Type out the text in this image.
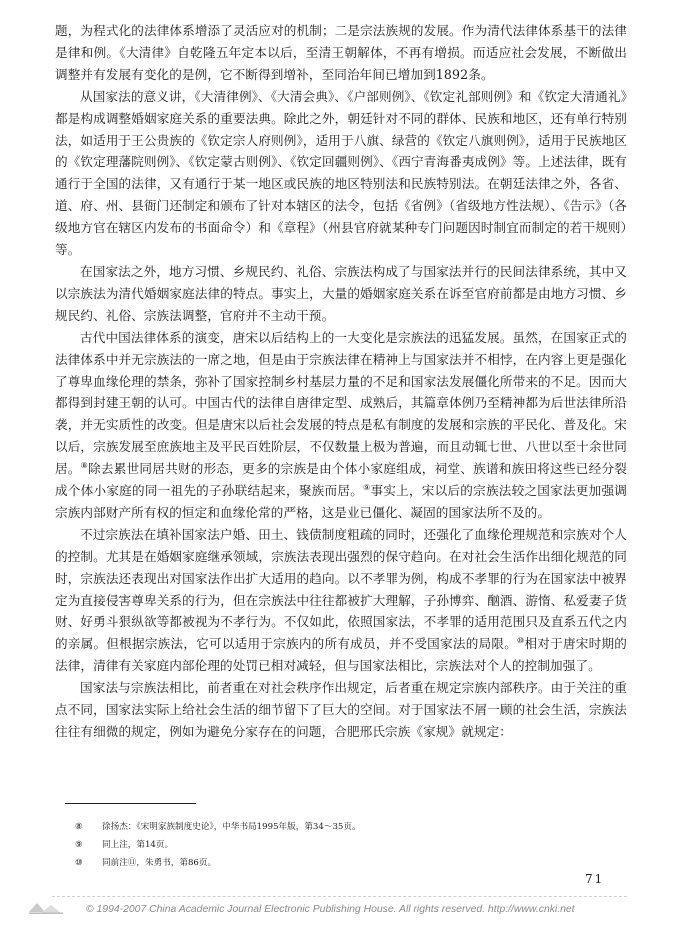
题，为程式化的法律体系增添了灵活应对的机制；二是宗法族规的发展。作为清代法律体系基干的法律是律和例。《大清律》自乾隆五年定本以后，至清王朝解体，不再有增损。而适应社会发展，不断做出调整并有发展有变化的是例，它不断得到增补，至同治年间已增加到1892条。

从国家法的意义讲，《大清律例》、《大清会典》、《户部则例》、《钦定礼部则例》和《钦定大清通礼》都是构成调整婚姻家庭关系的重要法典。除此之外，朝廷针对不同的群体、民族和地区，还有单行特别法，如适用于王公贵族的《钦定宗人府则例》，适用于八旗、绿营的《钦定八旗则例》，适用于民族地区的《钦定理藩院则例》、《钦定蒙古则例》、《钦定回疆则例》、《西宁青海番夷成例》等。上述法律，既有通行于全国的法律，又有通行于某一地区或民族的地区特别法和民族特别法。在朝廷法律之外，各省、道、府、州、县衙门还制定和颁布了针对本辖区的法令，包括《省例》（省级地方性法规）、《告示》（各级地方官在辖区内发布的书面命令）和《章程》（州县官府就某种专门问题因时制宜而制定的若干规则）等。

在国家法之外，地方习惯、乡规民约、礼俗、宗族法构成了与国家法并行的民间法律系统，其中又以宗族法为清代婚姻家庭法律的特点。事实上，大量的婚姻家庭关系在诉至官府前都是由地方习惯、乡规民约、礼俗、宗族法调整，官府并不主动干预。

古代中国法律体系的演变，唐宋以后结构上的一大变化是宗族法的迅猛发展。虽然，在国家正式的法律体系中并无宗族法的一席之地，但是由于宗族法律在精神上与国家法并不相悖，在内容上更是强化了尊卑血缘伦理的禁条，弥补了国家控制乡村基层力量的不足和国家法发展僵化所带来的不足。因而大都得到封建王朝的认可。中国古代的法律自唐律定型、成熟后，其篇章体例乃至精神都为后世法律所沿袭，并无实质性的改变。但是唐宋以后社会发展的特点是私有制度的发展和宗族的平民化、普及化。宋以后，宗族发展至庶族地主及平民百姓阶层，不仅数量上极为普遍，而且动辄七世、八世以至十余世同居。⑧除去累世同居共财的形态，更多的宗族是由个体小家庭组成，祠堂、族谱和族田将这些已经分裂成个体小家庭的同一祖先的子孙联结起来，聚族而居。⑨事实上，宋以后的宗族法较之国家法更加强调宗族内部财产所有权的恒定和血缘伦常的严格，这是业已僵化、凝固的国家法所不及的。

不过宗族法在填补国家法户婚、田土、钱债制度粗疏的同时，还强化了血缘伦理规范和宗族对个人的控制。尤其是在婚姻家庭继承领域，宗族法表现出强烈的保守趋向。在对社会生活作出细化规范的同时，宗族法还表现出对国家法作出扩大适用的趋向。以不孝罪为例，构成不孝罪的行为在国家法中被界定为直接侵害尊卑关系的行为，但在宗族法中往往都被扩大理解，子孙博弈、酗酒、游惰、私爱妻子货财、好勇斗狠纵欲等都被视为不孝行为。不仅如此，依照国家法，不孝罪的适用范围只及直系五代之内的亲属。但根据宗族法，它可以适用于宗族内的所有成员，并不受国家法的局限。⑩相对于唐宋时期的法律，清律有关家庭内部伦理的处罚已相对减轻，但与国家法相比，宗族法对个人的控制加强了。

国家法与宗族法相比，前者重在对社会秩序作出规定，后者重在规定宗族内部秩序。由于关注的重点不同，国家法实际上给社会生活的细节留下了巨大的空间。对于国家法不屑一顾的社会生活，宗族法往往有细微的规定，例如为避免分家存在的问题，合肥邢氏宗族《家规》就规定：

⑧	徐扬杰：《宋明家族制度史论》，中华书局1995年版，第34～35页。
⑨	同上注，第14页。
⑩	同前注⑪，朱勇书，第86页。
71
© 1994-2007 China Academic Journal Electronic Publishing House. All rights reserved. http://www.cnki.net
